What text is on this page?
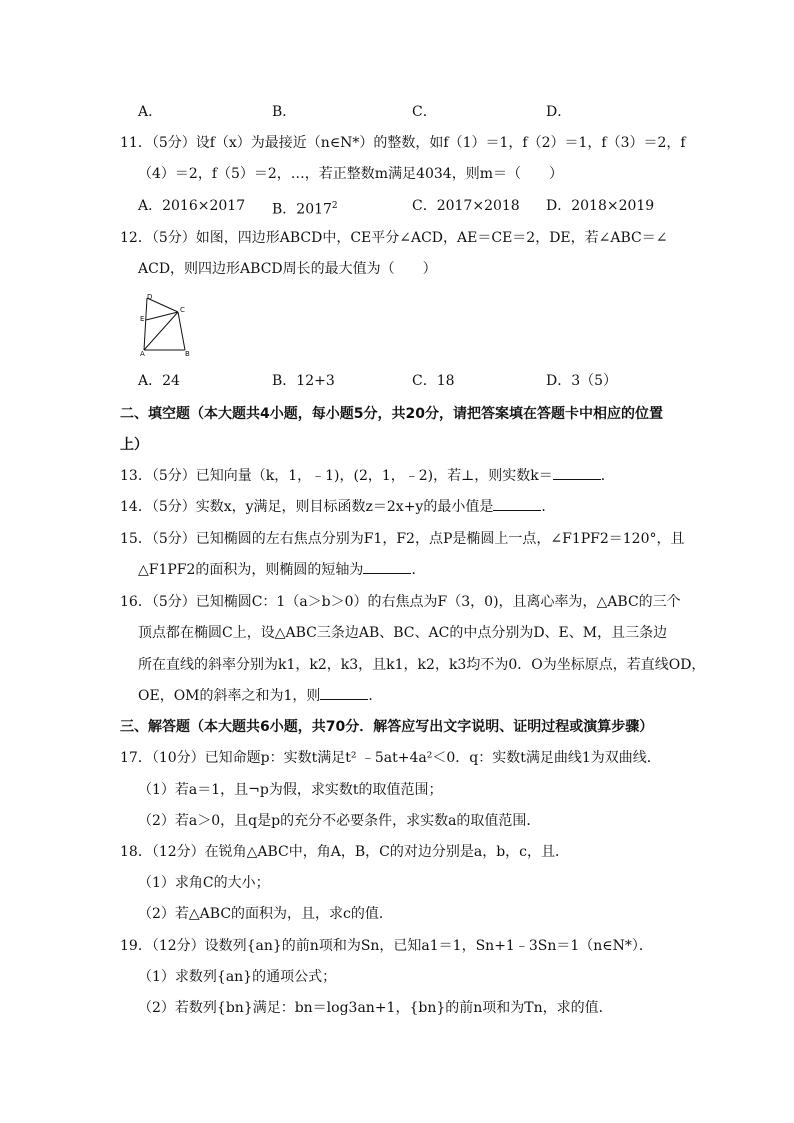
A．	B．	C．	D．
11．（5分）设f（x）为最接近（n∈N*）的整数，如f（1）＝1，f（2）＝1，f（3）＝2，f
（4）＝2，f（5）＝2，…，若正整数m满足4034，则m＝（　　）
A．2016×2017 B．2017$^2$	C．2017×2018 D．2018×2019
12．（5分）如图，四边形ABCD中，CE平分∠ACD，AE＝CE＝2，DE，若∠ABC＝∠
ACD，则四边形ABCD周长的最大值为（　　）
D
C
E
A	B
A．24	B．12+3	C．18	D．3（5）
二、填空题（本大题共4小题，每小题5分，共20分，请把答案填在答题卡中相应的位置
上）
13．（5分）已知向量（k，1，﹣1)，(2，1，﹣2)，若⊥，则实数k＝	．
14．（5分）实数x，y满足，则目标函数z＝2x+y的最小值是	．
15．（5分）已知椭圆的左右焦点分别为F1，F2，点P是椭圆上一点，∠F1PF2＝120°，且
△F1PF2的面积为，则椭圆的短轴为	．
16．（5分）已知椭圆C：1（a＞b＞0）的右焦点为F（3，0)，且离心率为，△ABC的三个
顶点都在椭圆C上，设△ABC三条边AB、BC、AC的中点分别为D、E、M，且三条边
所在直线的斜率分别为k1，k2，k3，且k1，k2，k3均不为0．O为坐标原点，若直线OD，
OE，OM的斜率之和为1，则	．
三、解答题（本大题共6小题，共70分．解答应写出文字说明、证明过程或演算步骤）
17．（10分）已知命题p：实数t满足t² ﹣5at+4a²＜0．q：实数t满足曲线1为双曲线．
（1）若a＝1，且¬p为假，求实数t的取值范围；
（2）若a＞0，且q是p的充分不必要条件，求实数a的取值范围．
18．（12分）在锐角△ABC中，角A，B，C的对边分别是a，b，c，且．
（1）求角C的大小；
（2）若△ABC的面积为，且，求c的值．
19．（12分）设数列{an}的前n项和为Sn，已知a1＝1，Sn+1﹣3Sn＝1（n∈N*）．
（1）求数列{an}的通项公式；
（2）若数列{bn}满足：bn＝log3an+1，{bn}的前n项和为Tn，求的值．
